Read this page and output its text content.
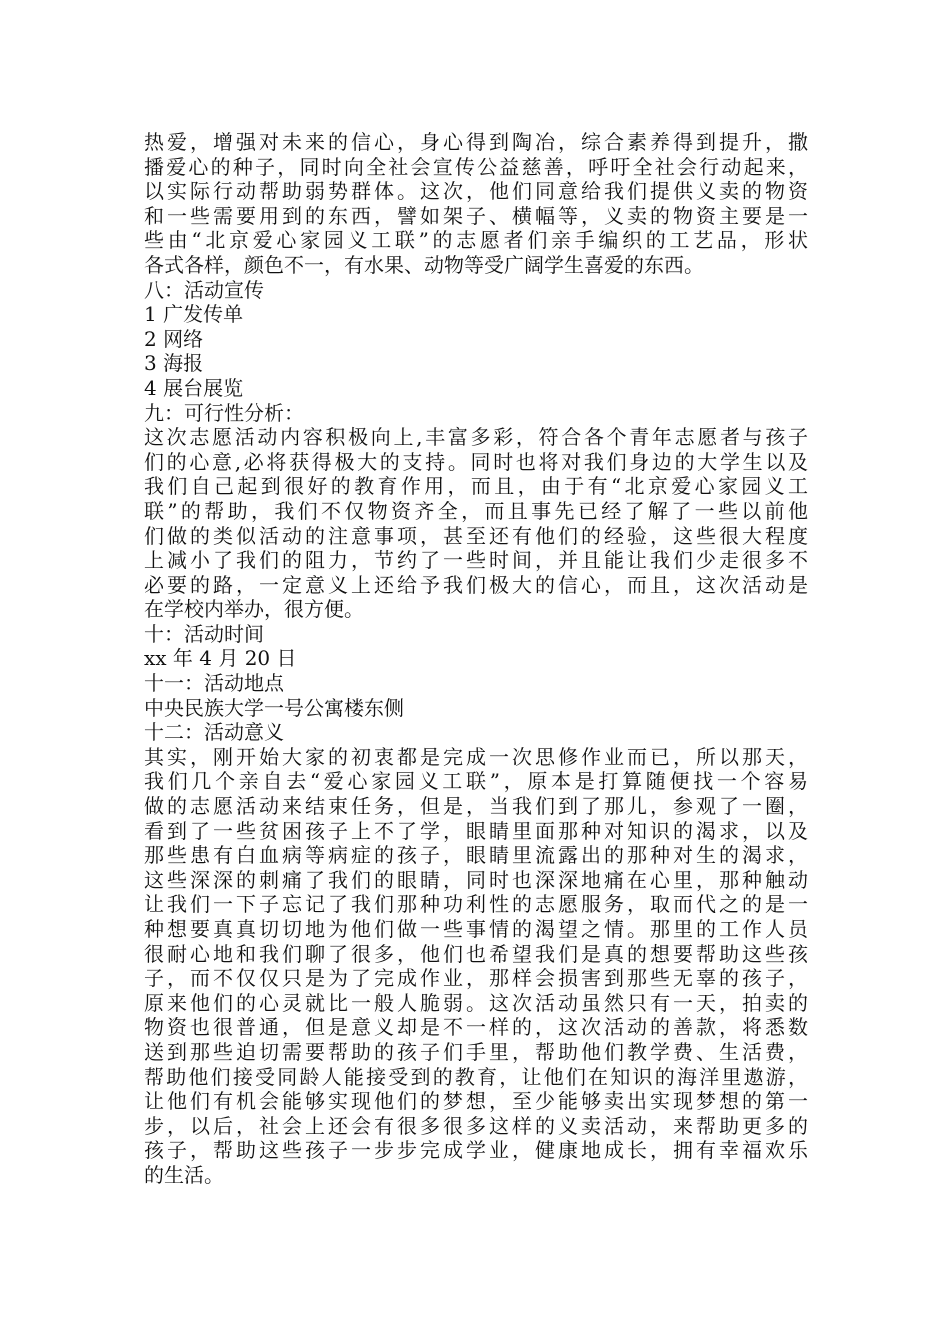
热爱，增强对未来的信心，身心得到陶冶，综合素养得到提升，撒
播爱心的种子，同时向全社会宣传公益慈善，呼吁全社会行动起来，
以实际行动帮助弱势群体。这次，他们同意给我们提供义卖的物资
和一些需要用到的东西，譬如架子、横幅等，义卖的物资主要是一
些由“北京爱心家园义工联”的志愿者们亲手编织的工艺品，形状
各式各样，颜色不一，有水果、动物等受广阔学生喜爱的东西。
八：活动宣传
1 广发传单
2 网络
3 海报
4 展台展览
九：可行性分析：
这次志愿活动内容积极向上,丰富多彩，符合各个青年志愿者与孩子
们的心意,必将获得极大的支持。同时也将对我们身边的大学生以及
我们自己起到很好的教育作用，而且，由于有“北京爱心家园义工
联”的帮助，我们不仅物资齐全，而且事先已经了解了一些以前他
们做的类似活动的注意事项，甚至还有他们的经验，这些很大程度
上减小了我们的阻力，节约了一些时间，并且能让我们少走很多不
必要的路，一定意义上还给予我们极大的信心，而且，这次活动是
在学校内举办，很方便。
十：活动时间
xx 年 4 月 20 日
十一：活动地点
中央民族大学一号公寓楼东侧
十二：活动意义
其实，刚开始大家的初衷都是完成一次思修作业而已，所以那天，
我们几个亲自去“爱心家园义工联”，原本是打算随便找一个容易
做的志愿活动来结束任务，但是，当我们到了那儿，参观了一圈，
看到了一些贫困孩子上不了学，眼睛里面那种对知识的渴求，以及
那些患有白血病等病症的孩子，眼睛里流露出的那种对生的渴求，
这些深深的刺痛了我们的眼睛，同时也深深地痛在心里，那种触动
让我们一下子忘记了我们那种功利性的志愿服务，取而代之的是一
种想要真真切切地为他们做一些事情的渴望之情。那里的工作人员
很耐心地和我们聊了很多，他们也希望我们是真的想要帮助这些孩
子，而不仅仅只是为了完成作业，那样会损害到那些无辜的孩子，
原来他们的心灵就比一般人脆弱。这次活动虽然只有一天，拍卖的
物资也很普通，但是意义却是不一样的，这次活动的善款，将悉数
送到那些迫切需要帮助的孩子们手里，帮助他们教学费、生活费，
帮助他们接受同龄人能接受到的教育，让他们在知识的海洋里遨游，
让他们有机会能够实现他们的梦想，至少能够卖出实现梦想的第一
步，以后，社会上还会有很多很多这样的义卖活动，来帮助更多的
孩子，帮助这些孩子一步步完成学业，健康地成长，拥有幸福欢乐
的生活。
